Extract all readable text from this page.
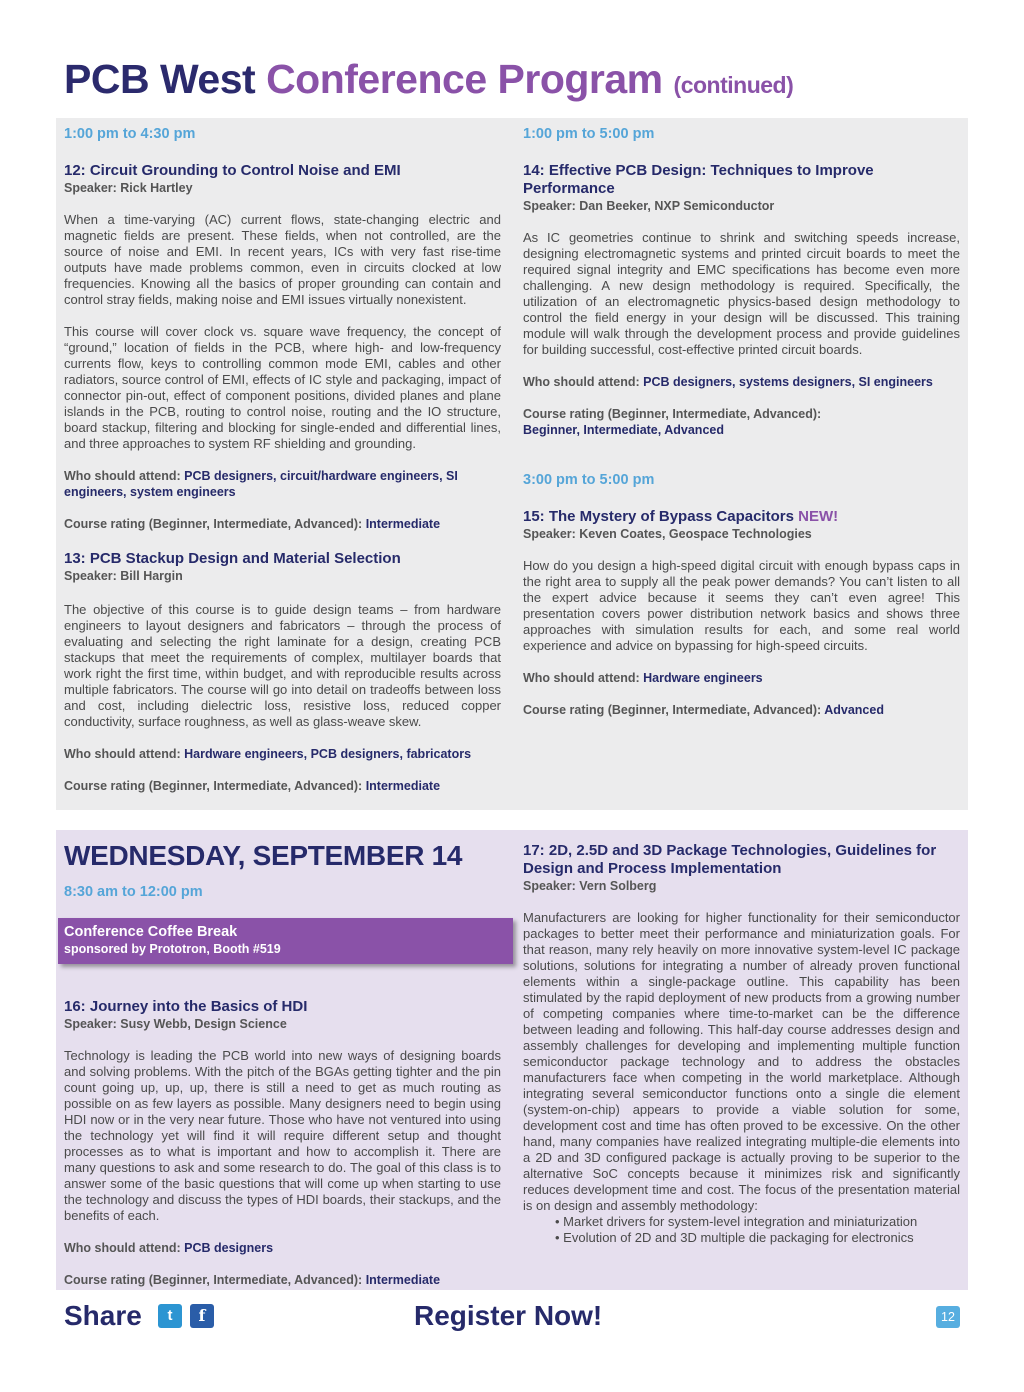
PCB West Conference Program (continued)

1:00 pm to 4:30 pm

12: Circuit Grounding to Control Noise and EMI

Speaker: Rick Hartley

When a time-varying (AC) current flows, state-changing electric and magnetic fields are present. These fields, when not controlled, are the source of noise and EMI. In recent years, ICs with very fast rise-time outputs have made problems common, even in circuits clocked at low frequencies. Knowing all the basics of proper grounding can contain and control stray fields, making noise and EMI issues virtually nonexistent.

This course will cover clock vs. square wave frequency, the concept of “ground,” location of fields in the PCB, where high- and low-frequency currents flow, keys to controlling common mode EMI, cables and other radiators, source control of EMI, effects of IC style and packaging, impact of connector pin-out, effect of component positions, divided planes and plane islands in the PCB, routing to control noise, routing and the IO structure, board stackup, filtering and blocking for single-ended and differential lines, and three approaches to system RF shielding and grounding.

Who should attend: PCB designers, circuit/hardware engineers, SI engineers, system engineers

Course rating (Beginner, Intermediate, Advanced): Intermediate

13: PCB Stackup Design and Material Selection

Speaker: Bill Hargin

The objective of this course is to guide design teams – from hardware engineers to layout designers and fabricators – through the process of evaluating and selecting the right laminate for a design, creating PCB stackups that meet the requirements of complex, multilayer boards that work right the first time, within budget, and with reproducible results across multiple fabricators. The course will go into detail on tradeoffs between loss and cost, including dielectric loss, resistive loss, reduced copper conductivity, surface roughness, as well as glass-weave skew.

Who should attend: Hardware engineers, PCB designers, fabricators

Course rating (Beginner, Intermediate, Advanced): Intermediate

1:00 pm to 5:00 pm

14: Effective PCB Design: Techniques to Improve Performance

Speaker: Dan Beeker, NXP Semiconductor

As IC geometries continue to shrink and switching speeds increase, designing electromagnetic systems and printed circuit boards to meet the required signal integrity and EMC specifications has become even more challenging. A new design methodology is required. Specifically, the utilization of an electromagnetic physics-based design methodology to control the field energy in your design will be discussed. This training module will walk through the development process and provide guidelines for building successful, cost-effective printed circuit boards.

Who should attend: PCB designers, systems designers, SI engineers

Course rating (Beginner, Intermediate, Advanced):
Beginner, Intermediate, Advanced

3:00 pm to 5:00 pm

15: The Mystery of Bypass Capacitors NEW!

Speaker: Keven Coates, Geospace Technologies

How do you design a high-speed digital circuit with enough bypass caps in the right area to supply all the peak power demands? You can’t listen to all the expert advice because it seems they can’t even agree! This presentation covers power distribution network basics and shows three approaches with simulation results for each, and some real world experience and advice on bypassing for high-speed circuits.

Who should attend: Hardware engineers

Course rating (Beginner, Intermediate, Advanced): Advanced

WEDNESDAY, SEPTEMBER 14

8:30 am to 12:00 pm

Conference Coffee Break
sponsored by Prototron, Booth #519

16: Journey into the Basics of HDI

Speaker: Susy Webb, Design Science

Technology is leading the PCB world into new ways of designing boards and solving problems. With the pitch of the BGAs getting tighter and the pin count going up, up, up, there is still a need to get as much routing as possible on as few layers as possible. Many designers need to begin using HDI now or in the very near future. Those who have not ventured into using the technology yet will find it will require different setup and thought processes as to what is important and how to accomplish it. There are many questions to ask and some research to do. The goal of this class is to answer some of the basic questions that will come up when starting to use the technology and discuss the types of HDI boards, their stackups, and the benefits of each.

Who should attend: PCB designers

Course rating (Beginner, Intermediate, Advanced): Intermediate

17: 2D, 2.5D and 3D Package Technologies, Guidelines for Design and Process Implementation

Speaker: Vern Solberg

Manufacturers are looking for higher functionality for their semiconductor packages to better meet their performance and miniaturization goals. For that reason, many rely heavily on more innovative system-level IC package solutions, solutions for integrating a number of already proven functional elements within a single-package outline. This capability has been stimulated by the rapid deployment of new products from a growing number of competing companies where time-to-market can be the difference between leading and following. This half-day course addresses design and assembly challenges for developing and implementing multiple function semiconductor package technology and to address the obstacles manufacturers face when competing in the world marketplace. Although integrating several semiconductor functions onto a single die element (system-on-chip) appears to provide a viable solution for some, development cost and time has often proved to be excessive. On the other hand, many companies have realized integrating multiple-die elements into a 2D and 3D configured package is actually proving to be superior to the alternative SoC concepts because it minimizes risk and significantly reduces development time and cost. The focus of the presentation material is on design and assembly methodology:

• Market drivers for system-level integration and miniaturization
• Evolution of 2D and 3D multiple die packaging for electronics
Share	t	f	Register Now!	12
